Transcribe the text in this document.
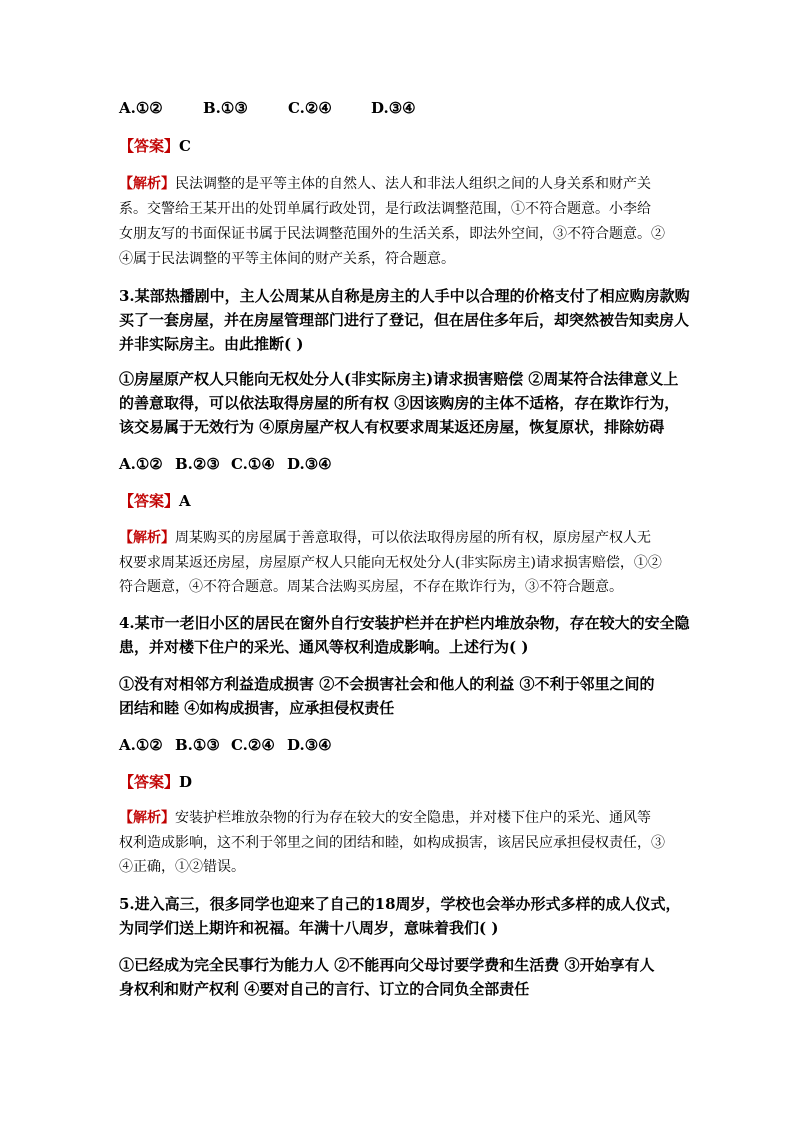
A.①②	B.①③	C.②④	D.③④
【答案】C
【解析】民法调整的是平等主体的自然人、法人和非法人组织之间的人身关系和财产关
系。交警给王某开出的处罚单属行政处罚，是行政法调整范围，①不符合题意。小李给
女朋友写的书面保证书属于民法调整范围外的生活关系，即法外空间，③不符合题意。②
④属于民法调整的平等主体间的财产关系，符合题意。
3.某部热播剧中，主人公周某从自称是房主的人手中以合理的价格支付了相应购房款购
买了一套房屋，并在房屋管理部门进行了登记，但在居住多年后，却突然被告知卖房人
并非实际房主。由此推断( )
①房屋原产权人只能向无权处分人(非实际房主)请求损害赔偿 ②周某符合法律意义上
的善意取得，可以依法取得房屋的所有权 ③因该购房的主体不适格，存在欺诈行为，
该交易属于无效行为 ④原房屋产权人有权要求周某返还房屋，恢复原状，排除妨碍
A.①② B.②③ C.①④ D.③④
【答案】A
【解析】周某购买的房屋属于善意取得，可以依法取得房屋的所有权，原房屋产权人无
权要求周某返还房屋，房屋原产权人只能向无权处分人(非实际房主)请求损害赔偿，①②
符合题意，④不符合题意。周某合法购买房屋，不存在欺诈行为，③不符合题意。
4.某市一老旧小区的居民在窗外自行安装护栏并在护栏内堆放杂物，存在较大的安全隐
患，并对楼下住户的采光、通风等权利造成影响。上述行为( )
①没有对相邻方利益造成损害 ②不会损害社会和他人的利益 ③不利于邻里之间的
团结和睦 ④如构成损害，应承担侵权责任
A.①② B.①③ C.②④ D.③④
【答案】D
【解析】安装护栏堆放杂物的行为存在较大的安全隐患，并对楼下住户的采光、通风等
权利造成影响，这不利于邻里之间的团结和睦，如构成损害，该居民应承担侵权责任，③
④正确，①②错误。
5.进入高三，很多同学也迎来了自己的18周岁，学校也会举办形式多样的成人仪式，
为同学们送上期许和祝福。年满十八周岁，意味着我们( )
①已经成为完全民事行为能力人 ②不能再向父母讨要学费和生活费 ③开始享有人
身权利和财产权利 ④要对自己的言行、订立的合同负全部责任
